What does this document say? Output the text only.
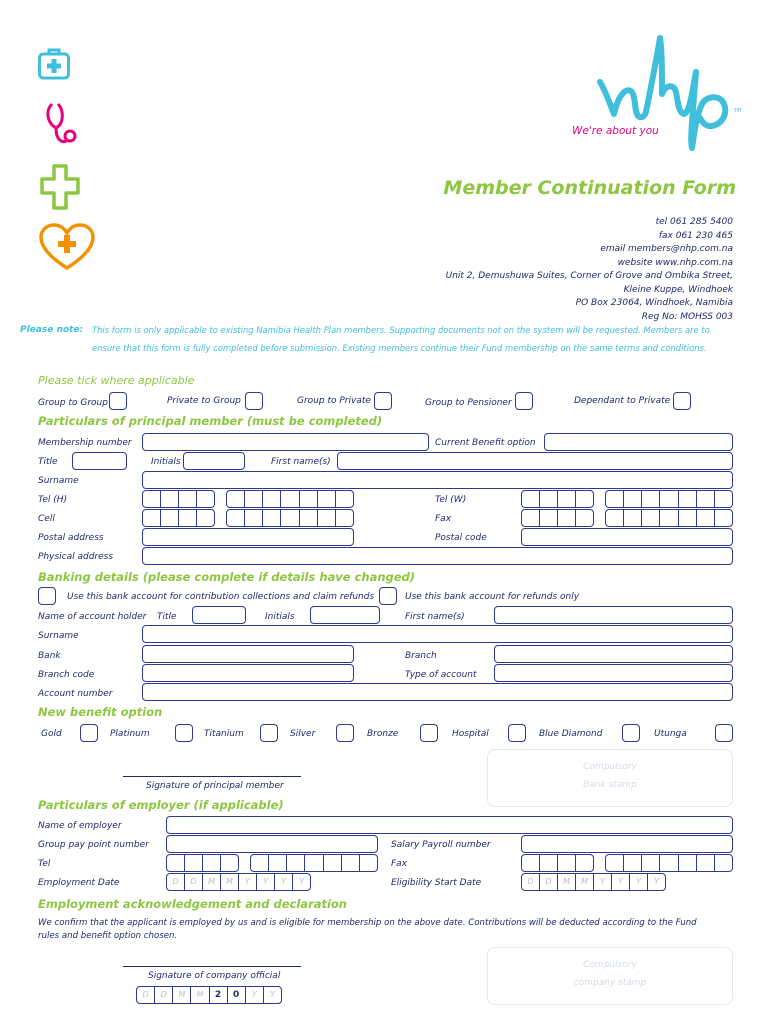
TM
We're about you
Member Continuation Form
tel 061 285 5400
fax 061 230 465
email members@nhp.com.na
website www.nhp.com.na
Unit 2, Demushuwa Suites, Corner of Grove and Ombika Street,
Kleine Kuppe, Windhoek
PO Box 23064, Windhoek, Namibia
Reg No: MOHSS 003
Please note: This form is only applicable to existing Namibia Health Plan members. Supporting documents not on the system will be requested. Members are to
ensure that this form is fully completed before submission. Existing members continue their Fund membership on the same terms and conditions.
Please tick where applicable
Group to Group	Private to Group	Group to Private	Group to Pensioner	Dependant to Private
Particulars of principal member (must be completed)
Membership number	Current Benefit option
Title	Initials	First name(s)
Surname
Tel (H)	Tel (W)
Cell	Fax
Postal address	Postal code
Physical address
Banking details (please complete if details have changed)
Use this bank account for contribution collections and claim refunds	Use this bank account for refunds only
Name of account holder Title	Initials	First name(s)
Surname
Bank	Branch
Branch code	Type of account
Account number
New benefit option
Gold	Platinum	Titanium	Silver	Bronze	Hospital	Blue Diamond	Utunga
Signature of principal member
Compulsory
Bank stamp
Particulars of employer (if applicable)
Name of employer
Group pay point number	Salary Payroll number
Tel	Fax
Employment Date	D	D	M	M	Y	Y	Y	Y	Eligibility Start Date	D	D	M	M	Y	Y	Y	Y
Employment acknowledgement and declaration
We confirm that the applicant is employed by us and is eligible for membership on the above date. Contributions will be deducted according to the Fund
rules and benefit option chosen.
Signature of company official
D	D	M	M	2	0	Y	Y
Compulsory
company stamp
